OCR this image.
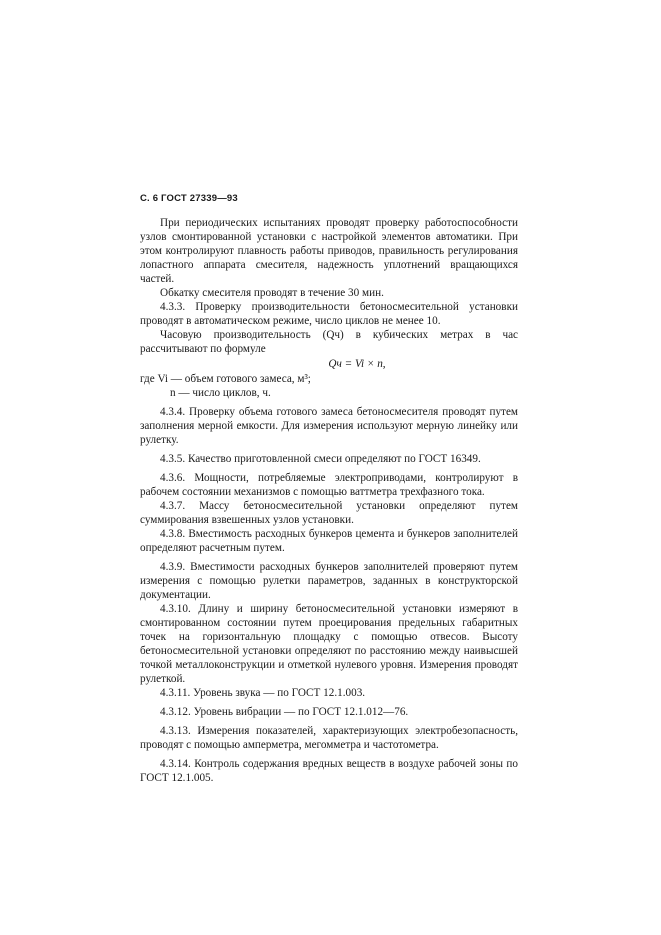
С. 6 ГОСТ 27339—93

При периодических испытаниях проводят проверку работоспособности узлов смонтированной установки с настройкой элементов автоматики. При этом контролируют плавность работы приводов, правильность регулирования лопастного аппарата смесителя, надежность уплотнений вращающихся частей.

Обкатку смесителя проводят в течение 30 мин.

4.3.3. Проверку производительности бетоносмесительной установки проводят в автоматическом режиме, число циклов не менее 10.

Часовую производительность (Qч) в кубических метрах в час рассчитывают по формуле

Qч = Vi × n,
где Vi — объем готового замеса, м³;
n — число циклов, ч.

4.3.4. Проверку объема готового замеса бетоносмесителя проводят путем заполнения мерной емкости. Для измерения используют мерную линейку или рулетку.

4.3.5. Качество приготовленной смеси определяют по ГОСТ 16349.

4.3.6. Мощности, потребляемые электроприводами, контролируют в рабочем состоянии механизмов с помощью ваттметра трехфазного тока.

4.3.7. Массу бетоносмесительной установки определяют путем суммирования взвешенных узлов установки.

4.3.8. Вместимость расходных бункеров цемента и бункеров заполнителей определяют расчетным путем.

4.3.9. Вместимости расходных бункеров заполнителей проверяют путем измерения с помощью рулетки параметров, заданных в конструкторской документации.

4.3.10. Длину и ширину бетоносмесительной установки измеряют в смонтированном состоянии путем проецирования предельных габаритных точек на горизонтальную площадку с помощью отвесов. Высоту бетоносмесительной установки определяют по расстоянию между наивысшей точкой металлоконструкции и отметкой нулевого уровня. Измерения проводят рулеткой.

4.3.11. Уровень звука — по ГОСТ 12.1.003.

4.3.12. Уровень вибрации — по ГОСТ 12.1.012—76.

4.3.13. Измерения показателей, характеризующих электробезопасность, проводят с помощью амперметра, мегомметра и частотометра.

4.3.14. Контроль содержания вредных веществ в воздухе рабочей зоны по ГОСТ 12.1.005.
